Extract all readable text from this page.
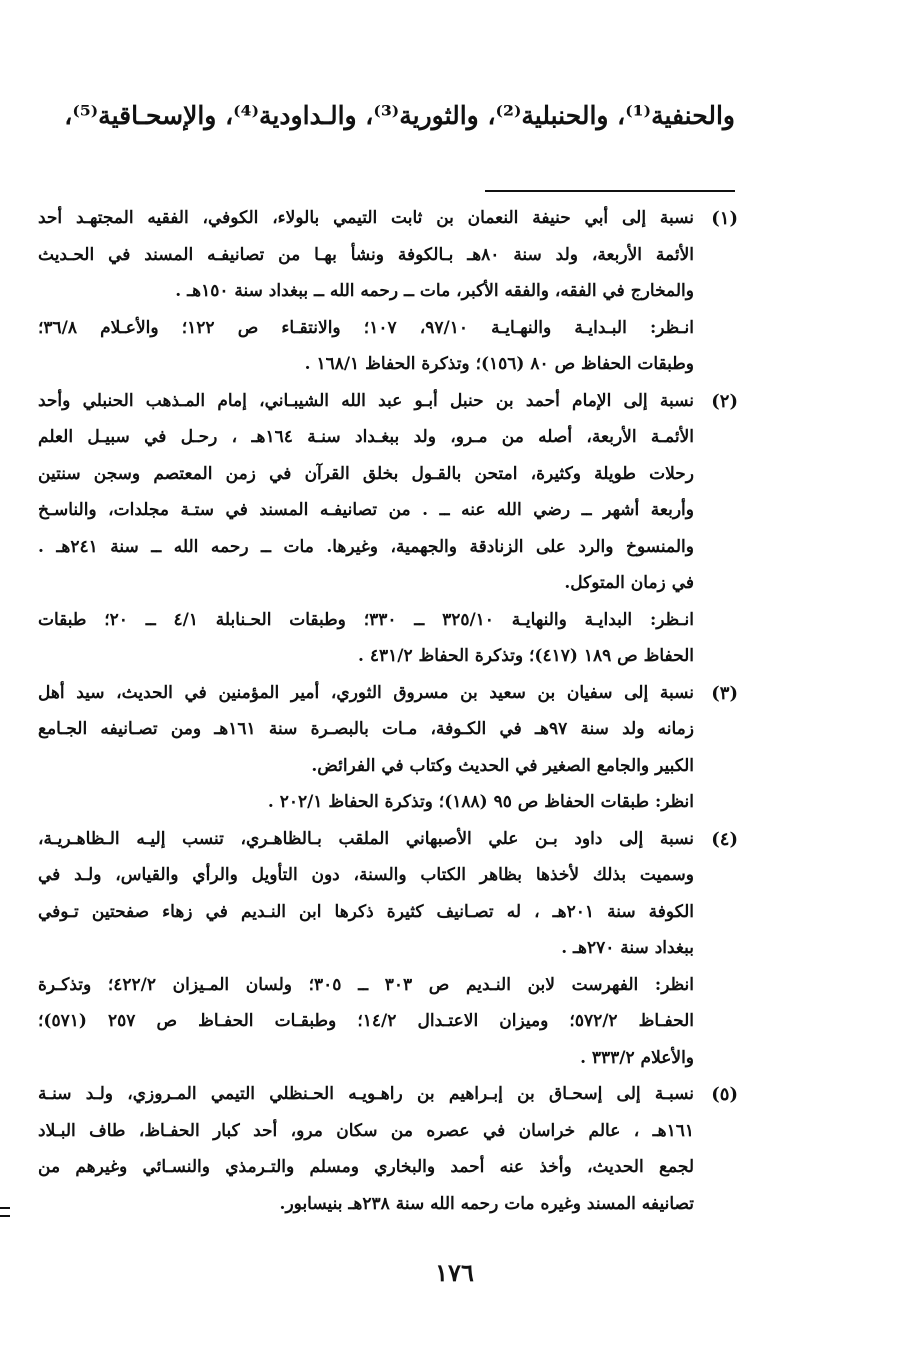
والحنفية⁽¹⁾، والحنبلية⁽²⁾، والثورية⁽³⁾، والـداودية⁽⁴⁾، والإسحـاقية⁽⁵⁾،
(١)
نسبة إلى أبي حنيفة النعمان بن ثابت التيمي بالولاء، الكوفي، الفقيه المجتهـد أحد
الأئمة الأربعة، ولد سنة ٨٠هـ بـالكوفة ونشأ بهـا من تصانيفـه المسند في الحـديث
والمخارج في الفقه، والفقه الأكبر، مات ــ رحمه الله ــ ببغداد سنة ١٥٠هـ .
انـظر: البـدايـة والنهـايـة ٩٧/١٠، ١٠٧؛ والانتقـاء ص ١٢٢؛ والأعـلام ٣٦/٨؛
وطبقات الحفاظ ص ٨٠ (١٥٦)؛ وتذكرة الحفاظ ١٦٨/١ .
(٢)
نسبة إلى الإمام أحمد بن حنبل أبـو عبد الله الشيبـاني، إمام المـذهب الحنبلي وأحد
الأئمـة الأربعة، أصله من مـرو، ولد ببغـداد سنـة ١٦٤هـ ، رحـل في سبيـل العلم
رحلات طويلة وكثيرة، امتحن بالقـول بخلق القرآن في زمن المعتصم وسجن سنتين
وأربعة أشهر ــ رضي الله عنه ــ . من تصانيفـه المسند في ستـة مجلدات، والناسـخ
والمنسوخ والرد على الزنادقة والجهمية، وغيرها. مات ــ رحمه الله ــ سنة ٢٤١هـ .
في زمان المتوكل.
انـظر: البدايـة والنهايـة ٣٢٥/١٠ ــ ٣٣٠؛ وطبقات الحـنابلة ٤/١ ــ ٢٠؛ طبقات
الحفاظ ص ١٨٩ (٤١٧)؛ وتذكرة الحفاظ ٤٣١/٢ .
(٣)
نسبة إلى سفيان بن سعيد بن مسروق الثوري، أمير المؤمنين في الحديث، سيد أهل
زمانه ولد سنة ٩٧هـ في الكـوفة، مـات بالبصـرة سنة ١٦١هـ ومن تصـانيفه الجـامع
الكبير والجامع الصغير في الحديث وكتاب في الفرائض.
انظر: طبقات الحفاظ ص ٩٥ (١٨٨)؛ وتذكرة الحفاظ ٢٠٢/١ .
(٤)
نسبة إلى داود بـن علي الأصبهاني الملقب بـالظاهـري، تنسب إليـه الـظاهـريـة،
وسميت بذلك لأخذها بظاهر الكتاب والسنة، دون التأويل والرأي والقياس، ولـد في
الكوفة سنة ٢٠١هـ ، له تصـانيف كثيرة ذكرها ابن النـديم في زهاء صفحتين تـوفي
ببغداد سنة ٢٧٠هـ .
انظر: الفهرست لابن النـديم ص ٣٠٣ ــ ٣٠٥؛ ولسان المـيزان ٤٢٢/٢؛ وتذكـرة
الحفـاظ ٥٧٢/٢؛ وميزان الاعتـدال ١٤/٢؛ وطبقـات الحفـاظ ص ٢٥٧ (٥٧١)؛
والأعلام ٣٣٣/٢ .
(٥)
نسبـة إلى إسحـاق بن إبـراهيم بن راهـويـه الحـنظلي التيمي المـروزي، ولـد سنـة
١٦١هـ ، عالم خراسان في عصره من سكان مرو، أحد كبار الحفـاظ، طاف البـلاد
لجمع الحديث، وأخذ عنه أحمد والبخاري ومسلم والتـرمذي والنسـائي وغيرهم من
تصانيفه المسند وغيره مات رحمه الله سنة ٢٣٨هـ بنيسابور.
١٧٦
